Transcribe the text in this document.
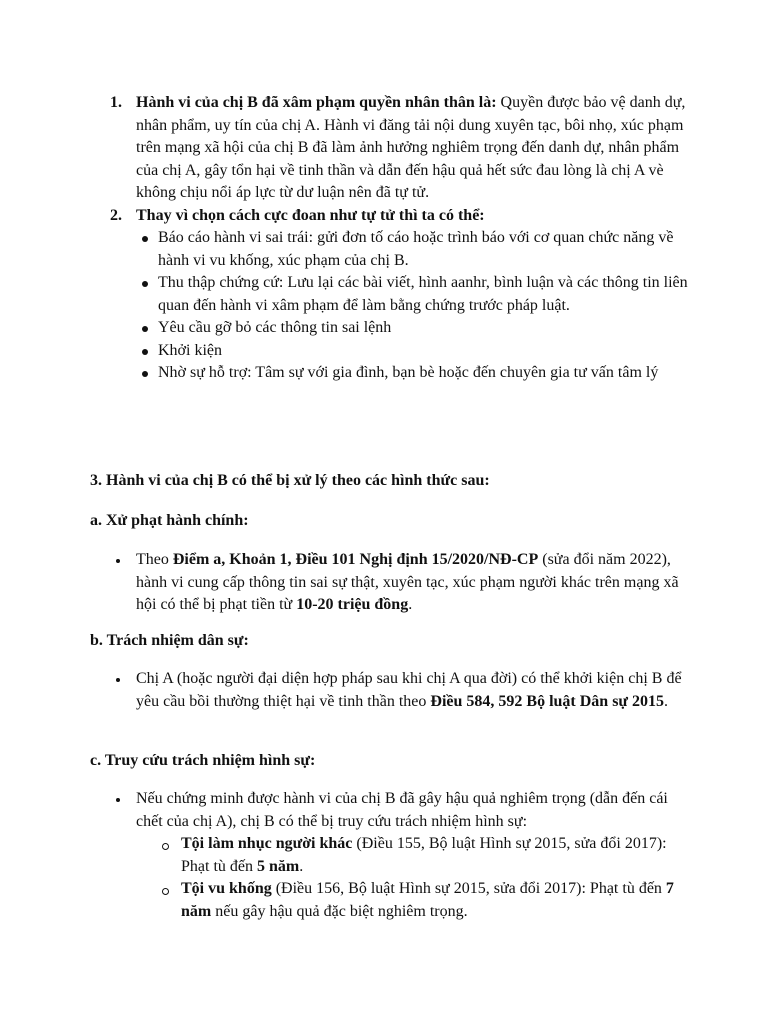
1. Hành vi của chị B đã xâm phạm quyền nhân thân là: Quyền được bảo vệ danh dự, nhân phẩm, uy tín của chị A. Hành vi đăng tải nội dung xuyên tạc, bôi nhọ, xúc phạm trên mạng xã hội của chị B đã làm ảnh hưởng nghiêm trọng đến danh dự, nhân phẩm của chị A, gây tổn hại về tinh thần và dẫn đến hậu quả hết sức đau lòng là chị A vè không chịu nổi áp lực từ dư luận nên đã tự tử.
2. Thay vì chọn cách cực đoan như tự tử thì ta có thể:
Báo cáo hành vi sai trái: gửi đơn tố cáo hoặc trình báo với cơ quan chức năng về hành vi vu khống, xúc phạm của chị B.
Thu thập chứng cứ: Lưu lại các bài viết, hình aanhr, bình luận và các thông tin liên quan đến hành vi xâm phạm để làm bằng chứng trước pháp luật.
Yêu cầu gỡ bỏ các thông tin sai lệnh
Khởi kiện
Nhờ sự hỗ trợ: Tâm sự với gia đình, bạn bè hoặc đến chuyên gia tư vấn tâm lý
3. Hành vi của chị B có thể bị xử lý theo các hình thức sau:
a. Xử phạt hành chính:
Theo Điểm a, Khoản 1, Điều 101 Nghị định 15/2020/NĐ-CP (sửa đổi năm 2022), hành vi cung cấp thông tin sai sự thật, xuyên tạc, xúc phạm người khác trên mạng xã hội có thể bị phạt tiền từ 10-20 triệu đồng.
b. Trách nhiệm dân sự:
Chị A (hoặc người đại diện hợp pháp sau khi chị A qua đời) có thể khởi kiện chị B để yêu cầu bồi thường thiệt hại về tinh thần theo Điều 584, 592 Bộ luật Dân sự 2015.
c. Truy cứu trách nhiệm hình sự:
Nếu chứng minh được hành vi của chị B đã gây hậu quả nghiêm trọng (dẫn đến cái chết của chị A), chị B có thể bị truy cứu trách nhiệm hình sự:
Tội làm nhục người khác (Điều 155, Bộ luật Hình sự 2015, sửa đổi 2017): Phạt tù đến 5 năm.
Tội vu khống (Điều 156, Bộ luật Hình sự 2015, sửa đổi 2017): Phạt tù đến 7 năm nếu gây hậu quả đặc biệt nghiêm trọng.
